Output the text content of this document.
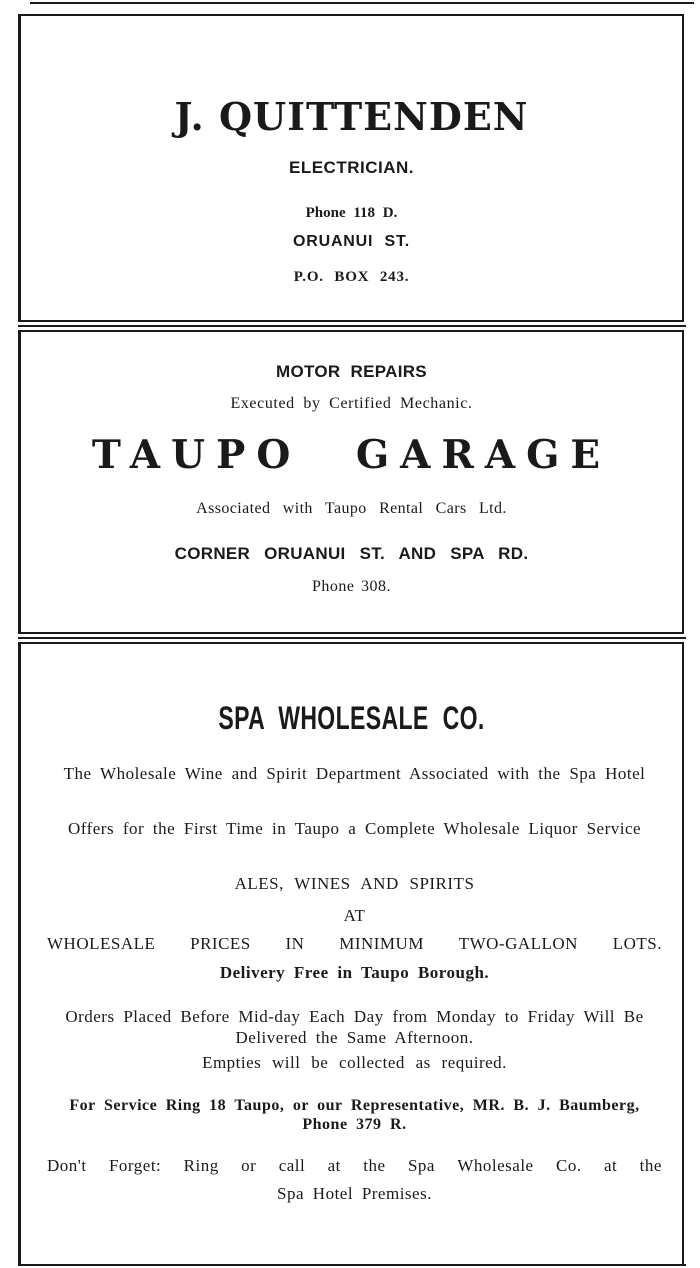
J. QUITTENDEN
ELECTRICIAN.
Phone 118 D.
ORUANUI ST.
P.O. BOX 243.
MOTOR REPAIRS
Executed by Certified Mechanic.
TAUPO GARAGE
Associated with Taupo Rental Cars Ltd.
CORNER ORUANUI ST. AND SPA RD.
Phone 308.
SPA WHOLESALE CO.
The Wholesale Wine and Spirit Department Associated with the Spa Hotel
Offers for the First Time in Taupo a Complete Wholesale Liquor Service
ALES, WINES AND SPIRITS
AT
WHOLESALE PRICES IN MINIMUM TWO-GALLON LOTS.
Delivery Free in Taupo Borough.
Orders Placed Before Mid-day Each Day from Monday to Friday Will Be Delivered the Same Afternoon.
Empties will be collected as required.
For Service Ring 18 Taupo, or our Representative, MR. B. J. Baumberg, Phone 379 R.
Don't Forget: Ring or call at the Spa Wholesale Co. at the
Spa Hotel Premises.
